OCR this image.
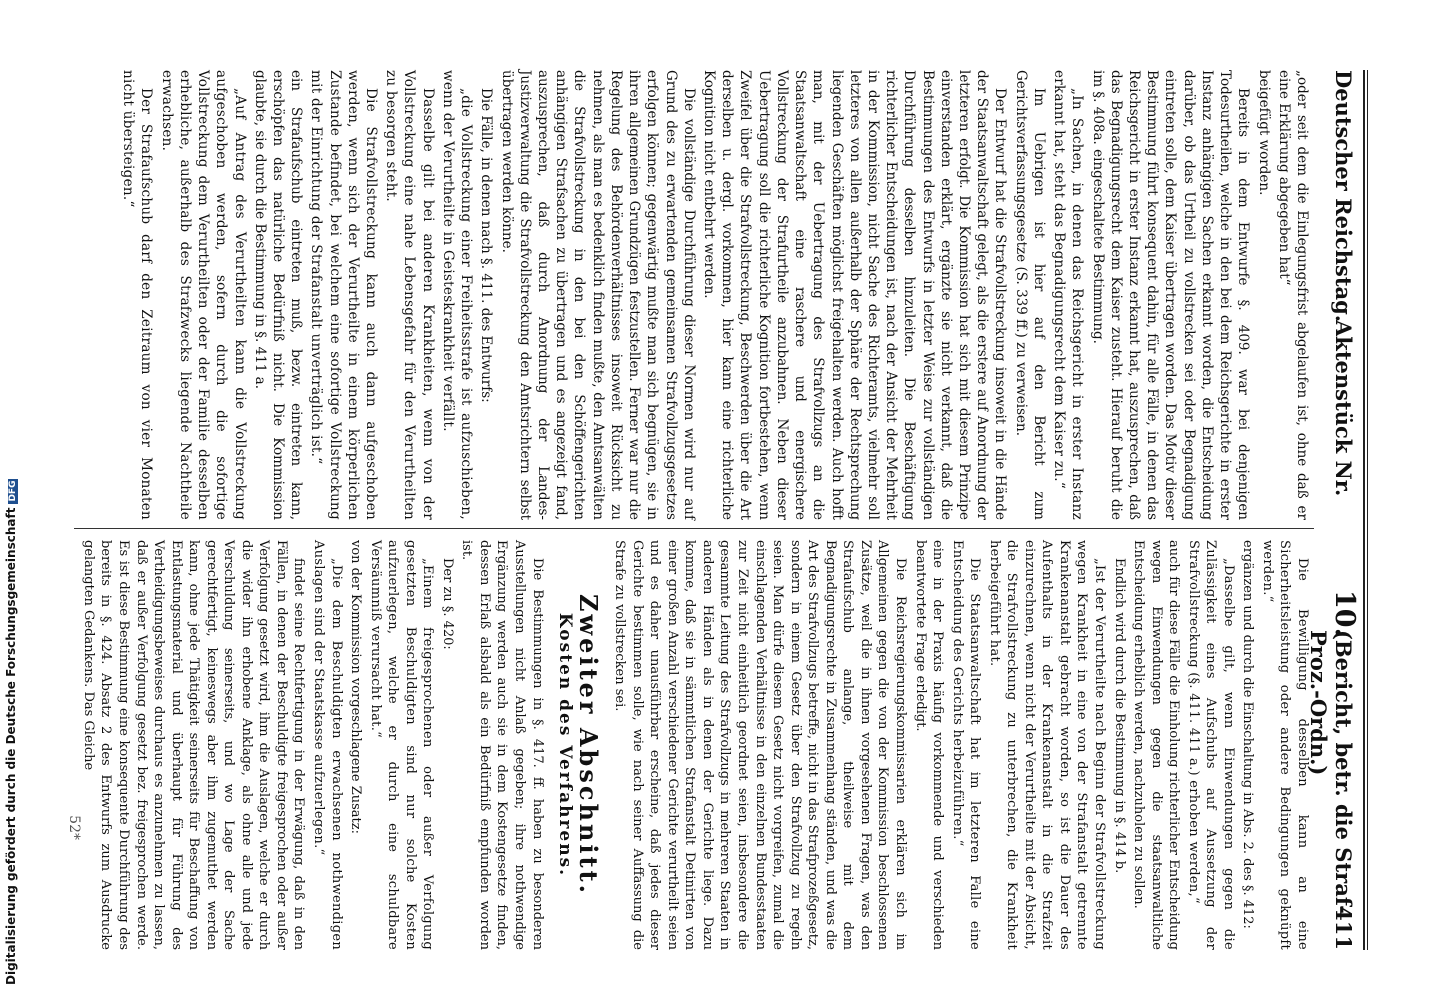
Deutscher Reichstag.
Aktenstück Nr.
10.
(Bericht, betr. die Straf-Proz.-Ordn.)
411

„oder seit dem die Einlegungsfrist abgelaufen ist, ohne daß er eine Erklärung abgegeben hat“

beigefügt worden.

Bereits in dem Entwurfe §. 409. war bei denjenigen Todesurtheilen, welche in den bei dem Reichsgerichte in erster Instanz anhängigen Sachen erkannt worden, die Entscheidung darüber, ob das Urtheil zu vollstrecken sei oder Begnadigung eintreten solle, dem Kaiser übertragen worden. Das Motiv dieser Bestimmung führt konsequent dahin, für alle Fälle, in denen das Reichsgericht in erster Instanz erkannt hat, auszusprechen, daß das Begnadigungsrecht dem Kaiser zusteht. Hierauf beruht die im §. 408a. eingeschaltete Bestimmung.

„In Sachen, in denen das Reichsgericht in erster Instanz erkannt hat, steht das Begnadigungsrecht dem Kaiser zu.“

Im Uebrigen ist hier auf den Bericht zum Gerichtsverfassungsgesetze (S. 339 ff.) zu verweisen.

Der Entwurf hat die Strafvollstreckung insoweit in die Hände der Staatsanwaltschaft gelegt, als die erstere auf Anordnung der letzteren erfolgt. Die Kommission hat sich mit diesem Prinzipe einverstanden erklärt, ergänzte sie nicht verkannt, daß die Bestimmungen des Entwurfs in letzter Weise zur vollständigen Durchführung desselben hinzuleiten. Die Beschäftigung richterlicher Entscheidungen ist, nach der Ansicht der Mehrheit in der Kommission, nicht Sache des Richteramts, vielmehr soll letzteres von allen außerhalb der Sphäre der Rechtsprechung liegenden Geschäften möglichst freigehalten werden. Auch hofft man, mit der Uebertragung des Strafvollzugs an die Staatsanwaltschaft eine raschere und energischere Vollstreckung der Strafurtheile anzubahnen. Neben dieser Uebertragung soll die richterliche Kognition fortbestehen, wenn Zweifel über die Strafvollstreckung, Beschwerden über die Art derselben u. dergl. vorkommen, hier kann eine richterliche Kognition nicht entbehrt werden.

Die vollständige Durchführung dieser Normen wird nur auf Grund des zu erwartenden gemeinsamen Strafvollzugsgesetzes erfolgen können; gegenwärtig mußte man sich begnügen, sie in ihren allgemeinen Grundzügen festzustellen. Ferner war nur die Regelung des Behördenverhältnisses insoweit Rücksicht zu nehmen, als man es bedenklich finden mußte, den Amtsanwälten die Strafvollstreckung in den bei den Schöffengerichten anhängigen Strafsachen zu übertragen und es angezeigt fand, auszusprechen, daß durch Anordnung der Landes-Justizverwaltung die Strafvollstreckung den Amtsrichtern selbst übertragen werden könne.

Die Fälle, in denen nach §. 411. des Entwurfs:

„die Vollstreckung einer Freiheitsstrafe ist aufzuschieben, wenn der Verurtheilte in Geisteskrankheit verfällt.

Dasselbe gilt bei anderen Krankheiten, wenn von der Vollstreckung eine nahe Lebensgefahr für den Verurtheilten zu besorgen steht.

Die Strafvollstreckung kann auch dann aufgeschoben werden, wenn sich der Verurtheilte in einem körperlichen Zustande befindet, bei welchem eine sofortige Vollstreckung mit der Einrichtung der Strafanstalt unverträglich ist.“

ein Strafaufschub eintreten muß, bezw. eintreten kann, erschöpfen das natürliche Bedürfniß nicht. Die Kommission glaubte, sie durch die Bestimmung in §. 411 a.

„Auf Antrag des Verurtheilten kann die Vollstreckung aufgeschoben werden, sofern durch die sofortige Vollstreckung dem Verurtheilten oder der Familie desselben erhebliche, außerhalb des Strafzwecks liegende Nachtheile erwachsen.

Der Strafaufschub darf den Zeitraum von vier Monaten nicht übersteigen.“

Die Bewilligung desselben kann an eine Sicherheitsleistung oder andere Bedingungen geknüpft werden.“

ergänzen und durch die Einschaltung in Abs. 2. des §. 412:

„Dasselbe gilt, wenn Einwendungen gegen die Zulässigkeit eines Aufschubs auf Aussetzung der Strafvollstreckung (§. 411. 411 a.) erhoben werden,“

auch für diese Fälle die Einholung richterlicher Entscheidung wegen Einwendungen gegen die staatsanwaltliche Entscheidung erheblich werden, nachzuholen zu sollen.

Endlich wird durch die Bestimmung in §. 414 b.

„Ist der Verurtheilte nach Beginn der Strafvollstreckung wegen Krankheit in eine von der Strafanstalt getrennte Krankenanstalt gebracht worden, so ist die Dauer des Aufenthalts in der Krankenanstalt in die Strafzeit einzurechnen, wenn nicht der Verurtheilte mit der Absicht, die Strafvollstreckung zu unterbrechen, die Krankheit herbeigeführt hat.

Die Staatsanwaltschaft hat im letzteren Falle eine Entscheidung des Gerichts herbeizuführen.“

eine in der Praxis häufig vorkommende und verschieden beantwortete Frage erledigt.

Die Reichsregierungskommissarien erklären sich im Allgemeinen gegen die von der Kommission beschlossenen Zusätze, weil die in ihnen vorgesehenen Fragen, was den Strafaufschub anlange, theilweise mit dem Begnadigungsrechte in Zusammenhang ständen, und was die Art des Strafvollzugs betreffe, nicht in das Strafprozeßgesetz, sondern in einem Gesetz über den Strafvollzug zu regeln seien. Man dürfe diesem Gesetz nicht vorgreifen, zumal die einschlagenden Verhältnisse in den einzelnen Bundesstaaten zur Zeit nicht einheitlich geordnet seien, insbesondere die gesammte Leitung des Strafvollzugs in mehreren Staaten in anderen Händen als in denen der Gerichte liege. Dazu komme, daß sie in sämmtlichen Strafanstalt Detinirten von einer großen Anzahl verschiedener Gerichte verurtheilt seien und es daher unausführbar erscheine, daß jedes dieser Gerichte bestimmen solle, wie nach seiner Auffassung die Strafe zu vollstrecken sei.

Zweiter Abschnitt.
Kosten des Verfahrens.

Die Bestimmungen in §. 417. ff. haben zu besonderen Ausstellungen nicht Anlaß gegeben; ihre nothwendige Ergänzung werden auch sie in dem Kostengesetze finden, dessen Erlaß alsbald als ein Bedürfniß empfunden worden ist.

Der zu §. 420:

„Einem freigesprochenen oder außer Verfolgung gesetzten Beschuldigten sind nur solche Kosten aufzuerlegen, welche er durch eine schuldbare Versäumniß verursacht hat.“

von der Kommission vorgeschlagene Zusatz:

„Die dem Beschuldigten erwachsenen nothwendigen Auslagen sind der Staatskasse aufzuerlegen.“

findet seine Rechtfertigung in der Erwägung, daß in den Fällen, in denen der Beschuldigte freigesprochen oder außer Verfolgung gesetzt wird, ihm die Auslagen, welche er durch die wider ihn erhobene Anklage, als ohne alle und jede Verschuldung seinerseits, und wo Lage der Sache gerechtfertigt, keineswegs aber ihm zugemuthet werden kann, ohne jede Thätigkeit seinerseits für Beschaffung von Entlastungsmaterial und überhaupt für Führung des Vertheidigungsbeweises durchaus es anzunehmen zu lassen, daß er außer Verfolgung gesetzt bez. freigesprochen werde. Es ist diese Bestimmung eine konsequente Durchführung des bereits in §. 424. Absatz 2 des Entwurfs zum Ausdrucke gelangten Gedankens. Das Gleiche

52*
Digitalisierung gefördert durch die Deutsche ForschungsgemeinschaftDFG
